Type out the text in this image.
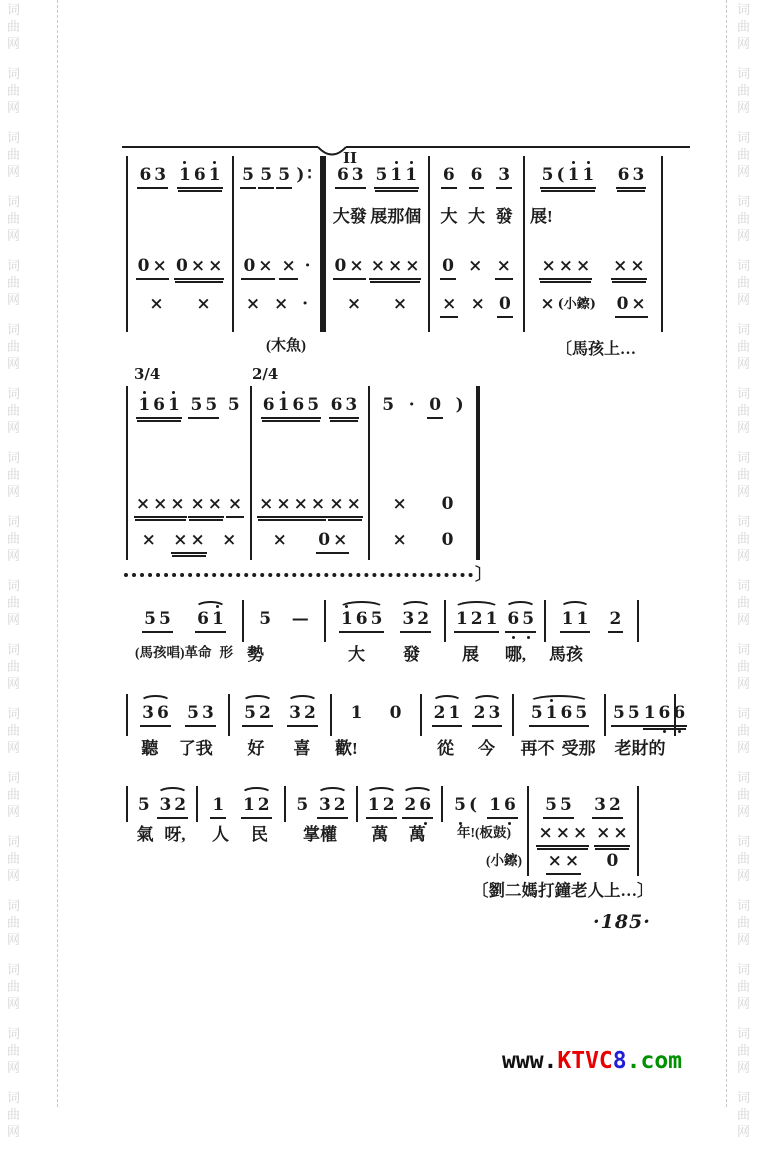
词
曲
网
词
曲
网
词
曲
网
词
曲
网
词
曲
网
词
曲
网
词
曲
网
词
曲
网
词
曲
网
词
曲
网
词
曲
网
词
曲
网
词
曲
网
词
曲
网
词
曲
网
词
曲
网
词
曲
网
词
曲
网
词
曲
网
词
曲
网
词
曲
网
词
曲
网
词
曲
网
词
曲
网
词
曲
网
词
曲
网
词
曲
网
词
曲
网
词
曲
网
词
曲
网
词
曲
网
词
曲
网
词
曲
网
词
曲
网
词
曲
网
词
曲
网
II
6 3 1 6 1 5 5 5 ) ∶ 6 3 5 1 1 6 6 3 5 ( 1 1 6 3
大發 展那個 大 大 發 展!
0 × 0 × × 0 × × · 0 × × × × 0 × × × × × × ×
× × × × · × × × × 0 × (小鑔) 0 ×
3/4	2/4
1 6 1 5 5 5 6 1 6 5 6 3 5 · 0 )
× × × × × × × × × × × × × 0
× × × × × 0 ×	× 0
5 5 6 1 5 — 1 6 5 3 2 1 2 1 6 5 1 1 2
(馬孩唱)革命 形 勢	大 發 展 哪, 馬孩
3 6 5 3 5 2 3 2 1 0 2 1 2 3 5 1 6 5 5 5 1 6 6
聽 了我 好 喜 歡!	從 今 再不 受那 老財的
5 3 2 1 1 2 5 3 2 1 2 2 6 5 ( 1 6 5 5 3 2
氣 呀, 人 民 掌權 萬 萬 年!(板鼓) × × × × ×
(小鑔) × × 0
(木魚)	〔馬孩上…
〕
〔劉二媽打鐘老人上…〕
·185·
www.KTVC8.com
